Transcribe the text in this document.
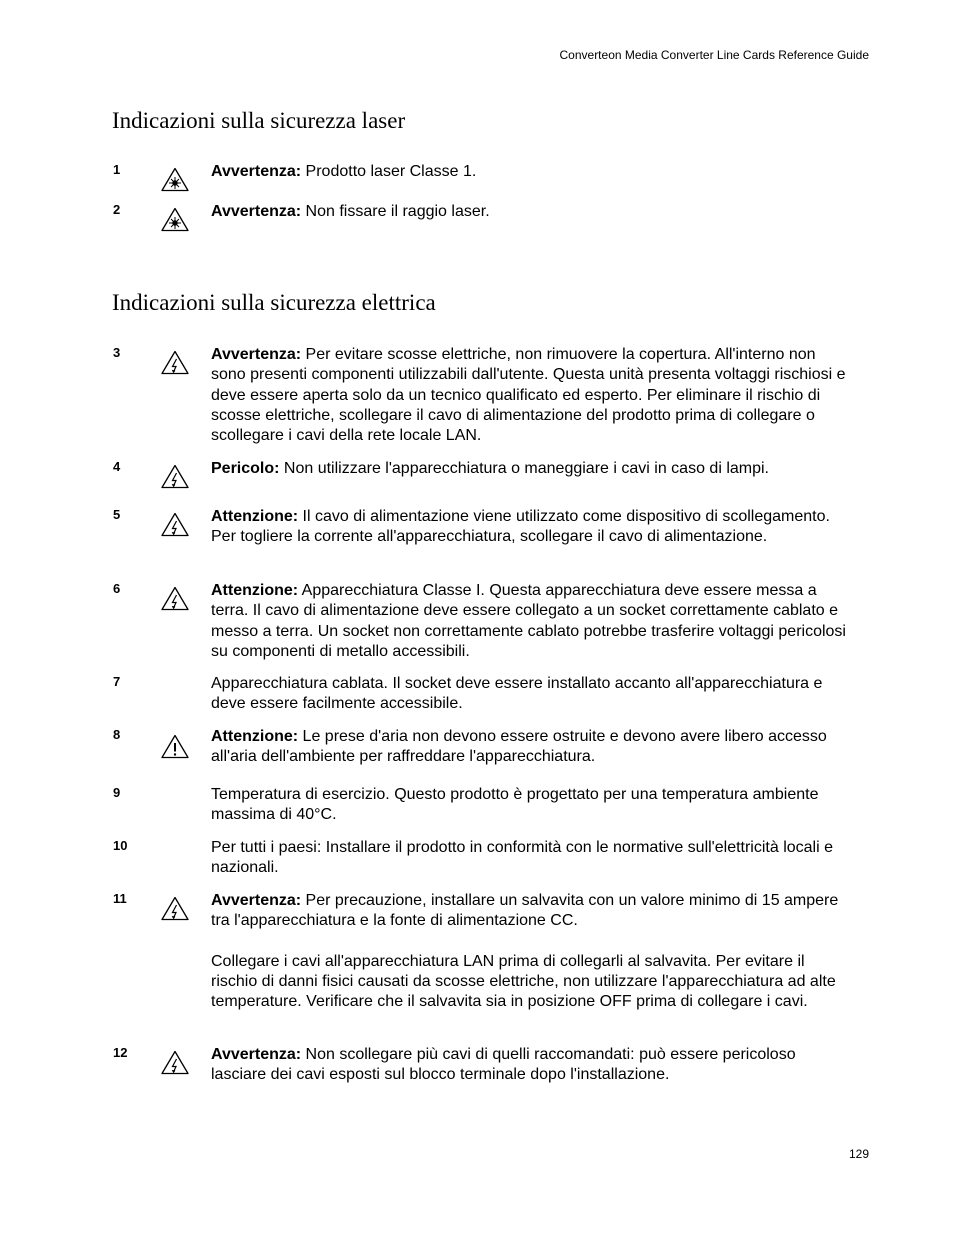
Converteon Media Converter Line Cards Reference Guide
Indicazioni sulla sicurezza laser
1	Avvertenza: Prodotto laser Classe 1.

2	Avvertenza: Non fissare il raggio laser.

Indicazioni sulla sicurezza elettrica
3	Avvertenza: Per evitare scosse elettriche, non rimuovere la copertura. All'interno non sono presenti componenti utilizzabili dall'utente. Questa unità presenta voltaggi rischiosi e deve essere aperta solo da un tecnico qualificato ed esperto. Per eliminare il rischio di scosse elettriche, scollegare il cavo di alimentazione del prodotto prima di collegare o scollegare i cavi della rete locale LAN.

4	Pericolo: Non utilizzare l'apparecchiatura o maneggiare i cavi in caso di lampi.

5	Attenzione: Il cavo di alimentazione viene utilizzato come dispositivo di scollegamento. Per togliere la corrente all'apparecchiatura, scollegare il cavo di alimentazione.

6	Attenzione: Apparecchiatura Classe I. Questa apparecchiatura deve essere messa a terra. Il cavo di alimentazione deve essere collegato a un socket correttamente cablato e messo a terra. Un socket non correttamente cablato potrebbe trasferire voltaggi pericolosi su componenti di metallo accessibili.

7	Apparecchiatura cablata. Il socket deve essere installato accanto all'apparecchiatura e deve essere facilmente accessibile.

8	Attenzione: Le prese d'aria non devono essere ostruite e devono avere libero accesso all'aria dell'ambiente per raffreddare l'apparecchiatura.

9	Temperatura di esercizio. Questo prodotto è progettato per una temperatura ambiente massima di 40°C.

10	Per tutti i paesi: Installare il prodotto in conformità con le normative sull'elettricità locali e nazionali.

11	Avvertenza: Per precauzione, installare un salvavita con un valore minimo di 15 ampere tra l'apparecchiatura e la fonte di alimentazione CC.

Collegare i cavi all'apparecchiatura LAN prima di collegarli al salvavita. Per evitare il rischio di danni fisici causati da scosse elettriche, non utilizzare l'apparecchiatura ad alte temperature. Verificare che il salvavita sia in posizione OFF prima di collegare i cavi.

12	Avvertenza: Non scollegare più cavi di quelli raccomandati: può essere pericoloso lasciare dei cavi esposti sul blocco terminale dopo l'installazione.

129
